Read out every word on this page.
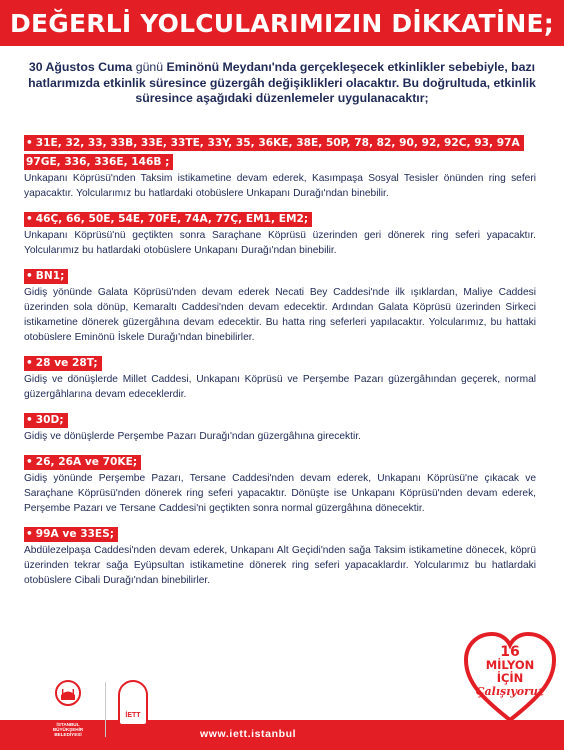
DEĞERLİ YOLCULARIMIZIN DİKKATİNE;
30 Ağustos Cuma günü Eminönü Meydanı'nda gerçekleşecek etkinlikler sebebiyle, bazı hatlarımızda etkinlik süresince güzergâh değişiklikleri olacaktır. Bu doğrultuda, etkinlik süresince aşağıdaki düzenlemeler uygulanacaktır;
• 31E, 32, 33, 33B, 33E, 33TE, 33Y, 35, 36KE, 38E, 50P, 78, 82, 90, 92, 92C, 93, 97A
97GE, 336, 336E, 146B ;

Unkapanı Köprüsü'nden Taksim istikametine devam ederek, Kasımpaşa Sosyal Tesisler önünden ring seferi yapacaktır. Yolcularımız bu hatlardaki otobüslere Unkapanı Durağı'ndan binebilir.

• 46Ç, 66, 50E, 54E, 70FE, 74A, 77Ç, EM1, EM2;

Unkapanı Köprüsü'nü geçtikten sonra Saraçhane Köprüsü üzerinden geri dönerek ring seferi yapacaktır. Yolcularımız bu hatlardaki otobüslere Unkapanı Durağı'ndan binebilir.

• BN1;

Gidiş yönünde Galata Köprüsü'nden devam ederek Necati Bey Caddesi'nde ilk ışıklardan, Maliye Caddesi üzerinden sola dönüp, Kemaraltı Caddesi'nden devam edecektir. Ardından Galata Köprüsü üzerinden Sirkeci istikametine dönerek güzergâhına devam edecektir. Bu hatta ring seferleri yapılacaktır. Yolcularımız, bu hattaki otobüslere Eminönü İskele Durağı'ndan binebilirler.

• 28 ve 28T;

Gidiş ve dönüşlerde Millet Caddesi, Unkapanı Köprüsü ve Perşembe Pazarı güzergâhından geçerek, normal güzergâhlarına devam edeceklerdir.

• 30D;

Gidiş ve dönüşlerde Perşembe Pazarı Durağı'ndan güzergâhına girecektir.

• 26, 26A ve 70KE;

Gidiş yönünde Perşembe Pazarı, Tersane Caddesi'nden devam ederek, Unkapanı Köprüsü'ne çıkacak ve Saraçhane Köprüsü'nden dönerek ring seferi yapacaktır. Dönüşte ise Unkapanı Köprüsü'nden devam ederek, Perşembe Pazarı ve Tersane Caddesi'ni geçtikten sonra normal güzergâhına dönecektir.

• 99A ve 33ES;

Abdülezelpaşa Caddesi'nden devam ederek, Unkapanı Alt Geçidi'nden sağa Taksim istikametine dönecek, köprü üzerinden tekrar sağa Eyüpsultan istikametine dönerek ring seferi yapacaklardır. Yolcularımız bu hatlardaki otobüslere Cibali Durağı'ndan binebilirler.

İSTANBUL BÜYÜKŞEHİR BELEDİYESİ
İETT
www.iett.istanbul
16
MİLYON
İÇİN
Çalışıyoruz
